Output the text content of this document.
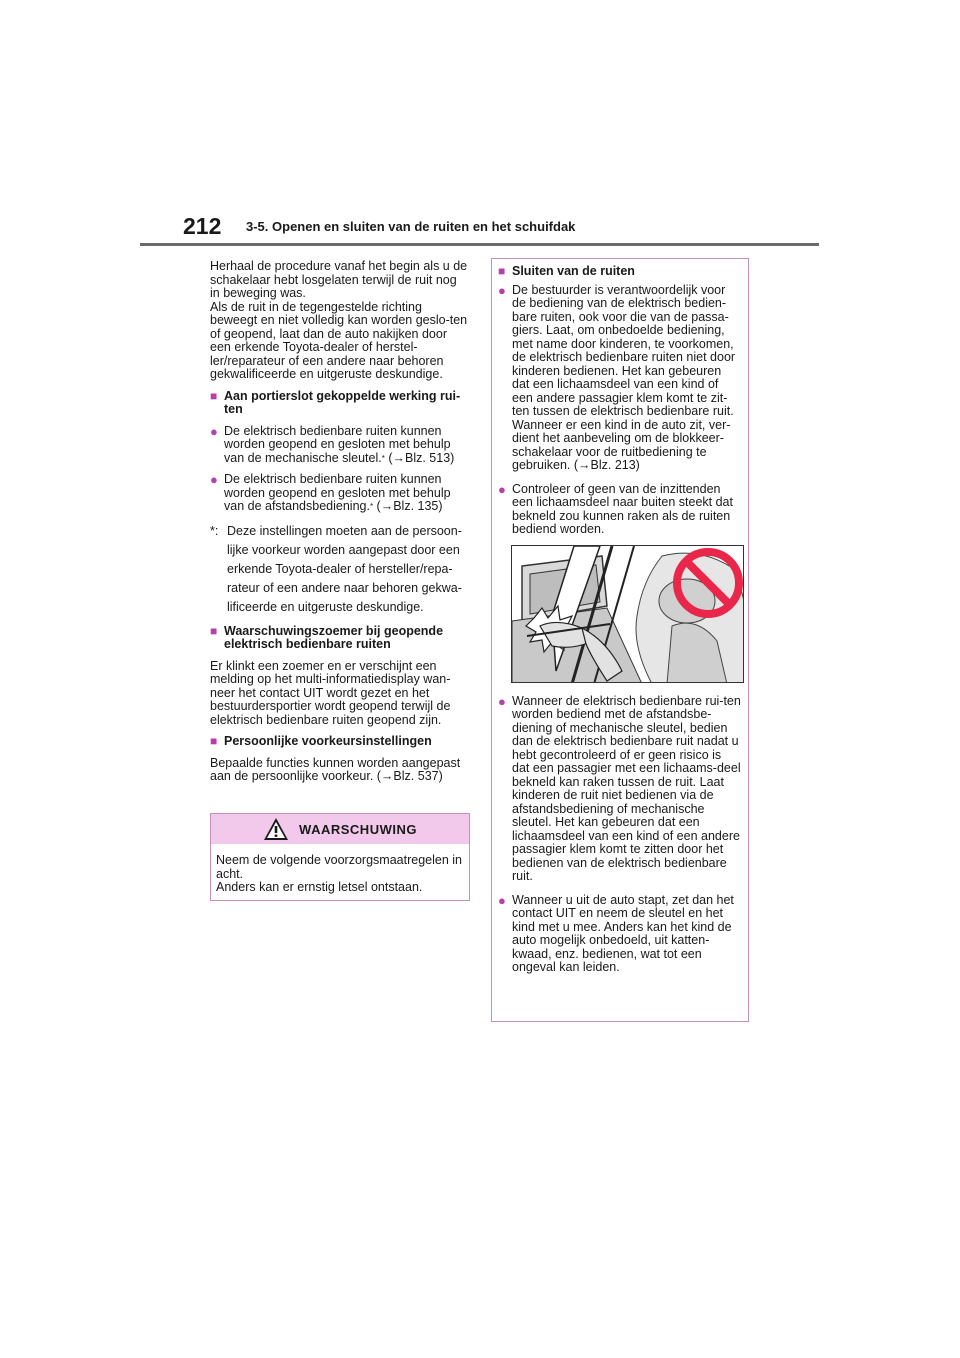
212 3-5. Openen en sluiten van de ruiten en het schuifdak

Herhaal de procedure vanaf het begin als u de schakelaar hebt losgelaten terwijl de ruit nog in beweging was.

Als de ruit in de tegengestelde richting beweegt en niet volledig kan worden geslo-ten of geopend, laat dan de auto nakijken door een erkende Toyota-dealer of herstel-ler/reparateur of een andere naar behoren gekwalificeerde en uitgeruste deskundige.

■ Aan portierslot gekoppelde werking rui-ten
● De elektrisch bedienbare ruiten kunnen worden geopend en gesloten met behulp van de mechanische sleutel.* (→Blz. 513)
● De elektrisch bedienbare ruiten kunnen worden geopend en gesloten met behulp van de afstandsbediening.* (→Blz. 135)
*: Deze instellingen moeten aan de persoon-lijke voorkeur worden aangepast door een erkende Toyota-dealer of hersteller/repa-rateur of een andere naar behoren gekwa-lificeerde en uitgeruste deskundige.
■ Waarschuwingszoemer bij geopende elektrisch bedienbare ruiten

Er klinkt een zoemer en er verschijnt een melding op het multi-informatiedisplay wan-neer het contact UIT wordt gezet en het bestuurdersportier wordt geopend terwijl de elektrisch bedienbare ruiten geopend zijn.

■ Persoonlijke voorkeursinstellingen

Bepaalde functies kunnen worden aangepast aan de persoonlijke voorkeur. (→Blz. 537)

WAARSCHUWING
Neem de volgende voorzorgsmaatregelen in acht.
Anders kan er ernstig letsel ontstaan.
■ Sluiten van de ruiten
● De bestuurder is verantwoordelijk voor de bediening van de elektrisch bedien-bare ruiten, ook voor die van de passa-giers. Laat, om onbedoelde bediening, met name door kinderen, te voorkomen, de elektrisch bedienbare ruiten niet door kinderen bedienen. Het kan gebeuren dat een lichaamsdeel van een kind of een andere passagier klem komt te zit-ten tussen de elektrisch bedienbare ruit. Wanneer er een kind in de auto zit, ver-dient het aanbeveling om de blokkeer-schakelaar voor de ruitbediening te gebruiken. (→Blz. 213)
● Controleer of geen van de inzittenden een lichaamsdeel naar buiten steekt dat bekneld zou kunnen raken als de ruiten bediend worden.
● Wanneer de elektrisch bedienbare rui-ten worden bediend met de afstandsbe-diening of mechanische sleutel, bedien dan de elektrisch bedienbare ruit nadat u hebt gecontroleerd of er geen risico is dat een passagier met een lichaams-deel bekneld kan raken tussen de ruit. Laat kinderen de ruit niet bedienen via de afstandsbediening of mechanische sleutel. Het kan gebeuren dat een lichaamsdeel van een kind of een andere passagier klem komt te zitten door het bedienen van de elektrisch bedienbare ruit.
● Wanneer u uit de auto stapt, zet dan het contact UIT en neem de sleutel en het kind met u mee. Anders kan het kind de auto mogelijk onbedoeld, uit katten-kwaad, enz. bedienen, wat tot een ongeval kan leiden.
